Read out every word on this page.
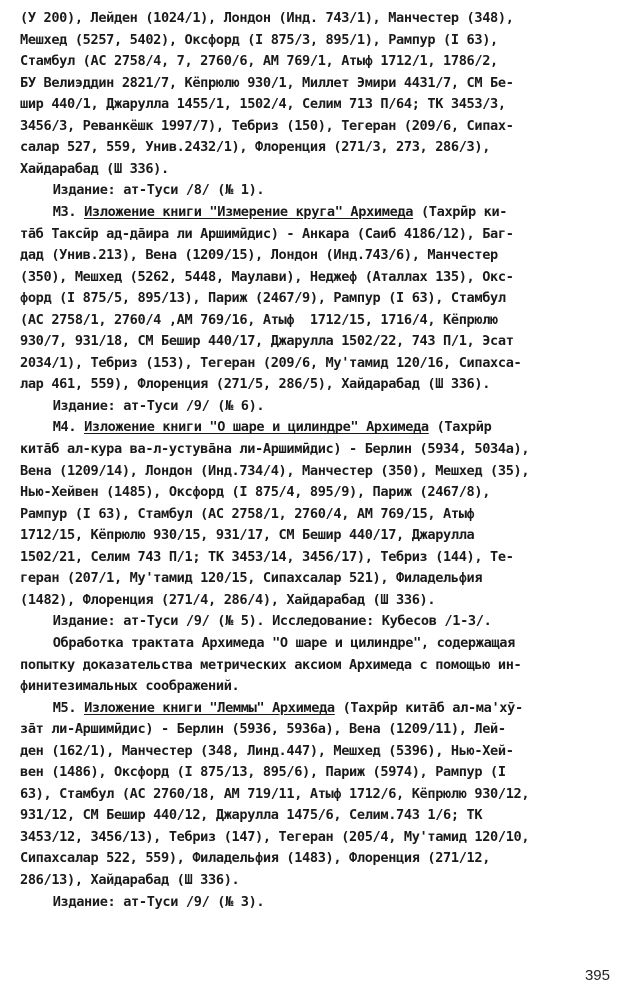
(У 200), Лейден (1024/1), Лондон (Инд. 743/1), Манчестер (348),
Мешхед (5257, 5402), Оксфорд (I 875/3, 895/1), Рампур (I 63),
Стамбул (АС 2758/4, 7, 2760/6, АМ 769/1, Атыф 1712/1, 1786/2,
БУ Велиэддин 2821/7, Кёпрюлю 930/1, Миллет Эмири 4431/7, СМ Бе-
шир 440/1, Джарулла 1455/1, 1502/4, Селим 713 П/64; ТК 3453/3,
3456/3, Реванкёшк 1997/7), Тебриз (150), Тегеран (209/6, Сипах-
салар 527, 559, Унив.2432/1), Флоренция (271/3, 273, 286/3),
Хайдарабад (Ш 336).
Издание: ат-Туси /8/ (№ 1).
М3. Изложение книги "Измерение круга" Архимеда (Тахрӣр ки-
тāб Таксӣр ад-дāира ли Аршимӣдис) - Анкара (Саиб 4186/12), Баг-
дад (Унив.213), Вена (1209/15), Лондон (Инд.743/6), Манчестер
(350), Мешхед (5262, 5448, Маулави), Неджеф (Аталлах 135), Окс-
форд (I 875/5, 895/13), Париж (2467/9), Рампур (I 63), Стамбул
(АС 2758/1, 2760/4 ,АМ 769/16, Атыф  1712/15, 1716/4, Кёпрюлю
930/7, 931/18, СМ Бешир 440/17, Джарулла 1502/22, 743 П/1, Эсат
2034/1), Тебриз (153), Тегеран (209/6, Му'тамид 120/16, Сипахса-
лар 461, 559), Флоренция (271/5, 286/5), Хайдарабад (Ш 336).
Издание: ат-Туси /9/ (№ 6).
М4. Изложение книги "О шаре и цилиндре" Архимеда (Тахрӣр
китāб ал-кура ва-л-устувāна ли-Аршимӣдис) - Берлин (5934, 5034а),
Вена (1209/14), Лондон (Инд.734/4), Манчестер (350), Мешхед (35),
Нью-Хейвен (1485), Оксфорд (I 875/4, 895/9), Париж (2467/8),
Рампур (I 63), Стамбул (АС 2758/1, 2760/4, АМ 769/15, Атыф
1712/15, Кёпрюлю 930/15, 931/17, СМ Бешир 440/17, Джарулла
1502/21, Селим 743 П/1; ТК 3453/14, 3456/17), Тебриз (144), Те-
геран (207/1, Му'тамид 120/15, Сипахсалар 521), Филадельфия
(1482), Флоренция (271/4, 286/4), Хайдарабад (Ш 336).
Издание: ат-Туси /9/ (№ 5). Исследование: Кубесов /1-3/.
Обработка трактата Архимеда "О шаре и цилиндре", содержащая
попытку доказательства метрических аксиом Архимеда с помощью ин-
финитезимальных соображений.
М5. Изложение книги "Леммы" Архимеда (Тахрӣр китāб ал-ма'хӯ-
зāт ли-Аршимӣдис) - Берлин (5936, 5936а), Вена (1209/11), Лей-
ден (162/1), Манчестер (348, Линд.447), Мешхед (5396), Нью-Хей-
вен (1486), Оксфорд (I 875/13, 895/6), Париж (5974), Рампур (I
63), Стамбул (АС 2760/18, АМ 719/11, Атыф 1712/6, Кёпрюлю 930/12,
931/12, СМ Бешир 440/12, Джарулла 1475/6, Селим.743 1/6; ТК
3453/12, 3456/13), Тебриз (147), Тегеран (205/4, Му'тамид 120/10,
Сипахсалар 522, 559), Филадельфия (1483), Флоренция (271/12,
286/13), Хайдарабад (Ш 336).
Издание: ат-Туси /9/ (№ 3).
395
